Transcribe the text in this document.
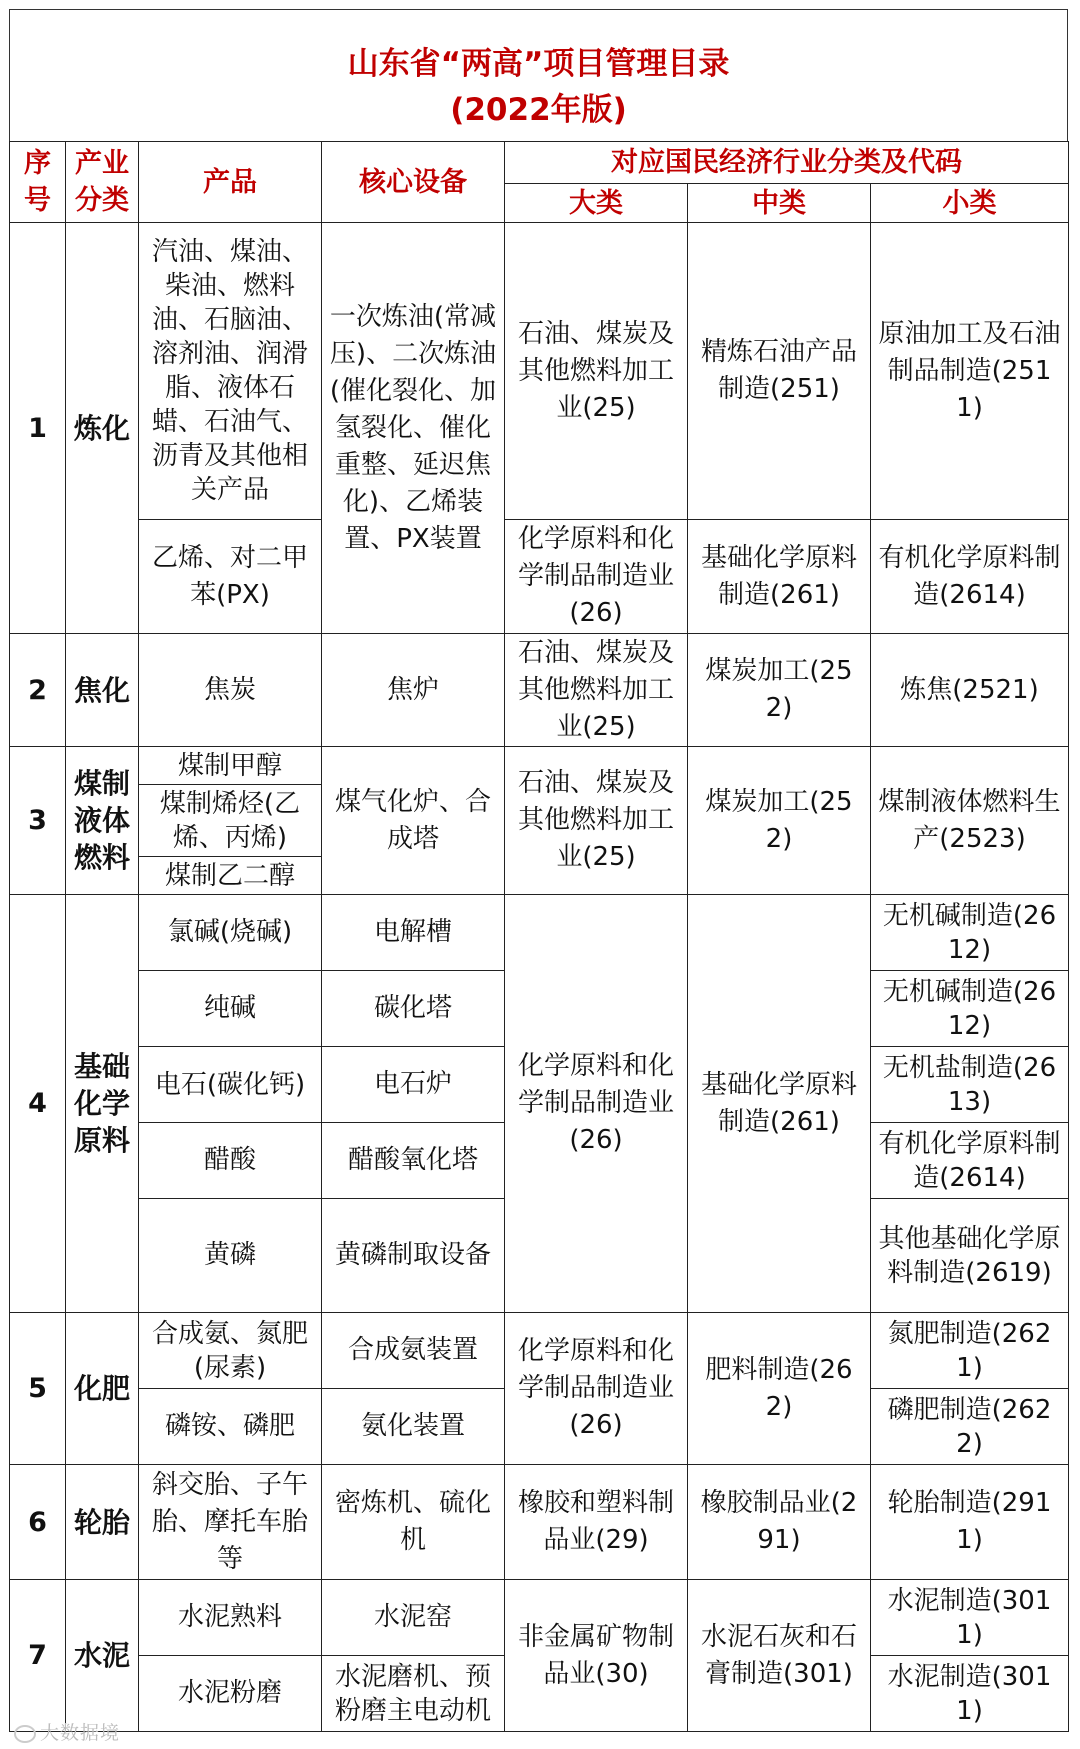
山东省“两高”项目管理目录
(2022年版)
序号	产业分类	产品	核心设备	对应国民经济行业分类及代码		
				大类	中类	小类
1	炼化	汽油、煤油、柴油、燃料油、石脑油、溶剂油、润滑脂、液体石蜡、石油气、沥青及其他相关产品	一次炼油(常减压)、二次炼油(催化裂化、加氢裂化、催化重整、延迟焦化)、乙烯装置、PX装置	石油、煤炭及其他燃料加工业(25)	精炼石油产品制造(251)	原油加工及石油制品制造(2511)
		乙烯、对二甲苯(PX)		化学原料和化学制品制造业(26)	基础化学原料制造(261)	有机化学原料制造(2614)
2	焦化	焦炭	焦炉	石油、煤炭及其他燃料加工业(25)	煤炭加工(252)	炼焦(2521)
3	煤制液体燃料	煤制甲醇	煤气化炉、合成塔	石油、煤炭及其他燃料加工业(25)	煤炭加工(252)	煤制液体燃料生产(2523)
		煤制烯烃(乙烯、丙烯)				
		煤制乙二醇				
4	基础化学原料	氯碱(烧碱)	电解槽	化学原料和化学制品制造业(26)	基础化学原料制造(261)	无机碱制造(2612)
		纯碱	碳化塔			无机碱制造(2612)
		电石(碳化钙)	电石炉			无机盐制造(2613)
		醋酸	醋酸氧化塔			有机化学原料制造(2614)
		黄磷	黄磷制取设备			其他基础化学原料制造(2619)
5	化肥	合成氨、氮肥(尿素)	合成氨装置	化学原料和化学制品制造业(26)	肥料制造(262)	氮肥制造(2621)
		磷铵、磷肥	氨化装置			磷肥制造(2622)
6	轮胎	斜交胎、子午胎、摩托车胎等	密炼机、硫化机	橡胶和塑料制品业(29)	橡胶制品业(291)	轮胎制造(2911)
7	水泥	水泥熟料	水泥窑	非金属矿物制品业(30)	水泥石灰和石膏制造(301)	水泥制造(3011)
		水泥粉磨	水泥磨机、预粉磨主电动机			水泥制造(3011)
大数据境
